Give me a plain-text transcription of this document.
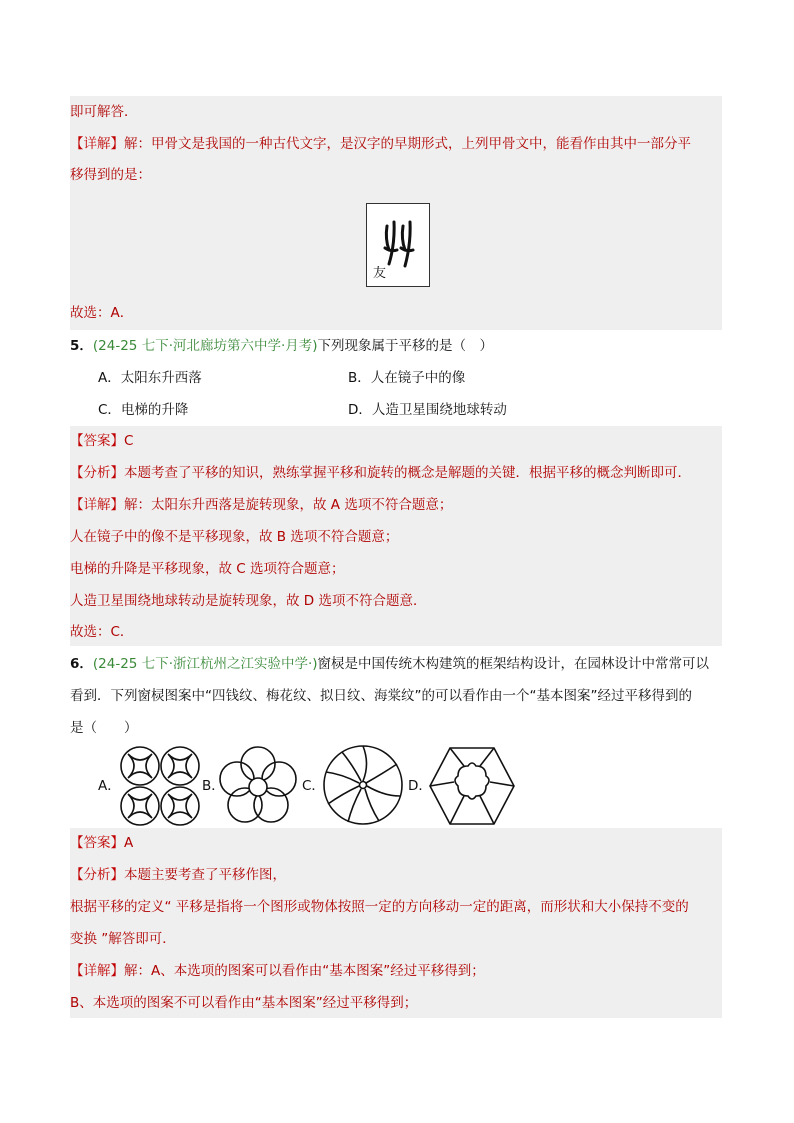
即可解答．
【详解】解：甲骨文是我国的一种古代文字，是汉字的早期形式，上列甲骨文中，能看作由其中一部分平
移得到的是：
友
故选：A．
5．(24-25 七下·河北廊坊第六中学·月考)下列现象属于平移的是（　）
A．太阳东升西落	B．人在镜子中的像
C．电梯的升降	D．人造卫星围绕地球转动
【答案】C
【分析】本题考查了平移的知识，熟练掌握平移和旋转的概念是解题的关键．根据平移的概念判断即可．
【详解】解：太阳东升西落是旋转现象，故 A 选项不符合题意；
人在镜子中的像不是平移现象，故 B 选项不符合题意；
电梯的升降是平移现象，故 C 选项符合题意；
人造卫星围绕地球转动是旋转现象，故 D 选项不符合题意．
故选：C．
6．(24-25 七下·浙江杭州之江实验中学·)窗棂是中国传统木构建筑的框架结构设计，在园林设计中常常可以
看到．下列窗棂图案中“四钱纹、梅花纹、拟日纹、海棠纹”的可以看作由一个“基本图案”经过平移得到的
是（　　）
A．	B．	C．	D．
【答案】A
【分析】本题主要考查了平移作图，
根据平移的定义“ 平移是指将一个图形或物体按照一定的方向移动一定的距离，而形状和大小保持不变的
变换 ”解答即可．
【详解】解：A、本选项的图案可以看作由“基本图案”经过平移得到；
B、本选项的图案不可以看作由“基本图案”经过平移得到；
